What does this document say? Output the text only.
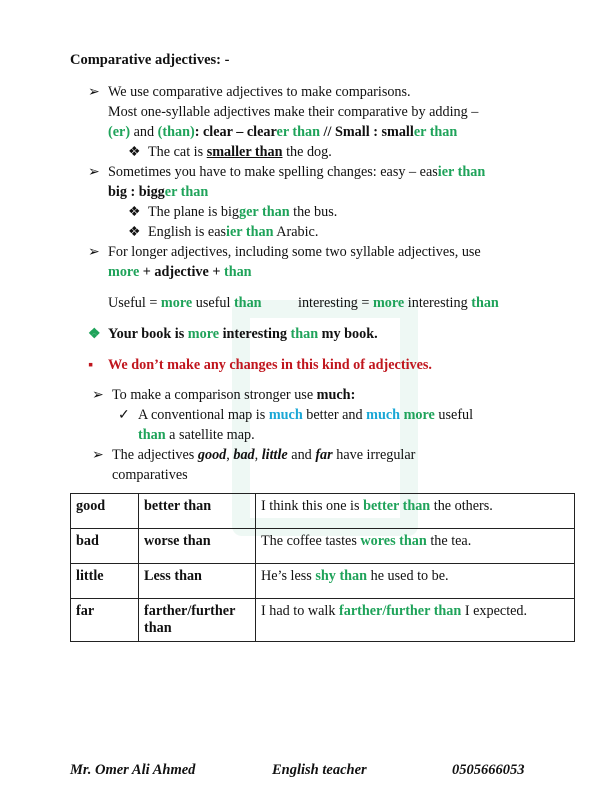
Comparative adjectives: -
➢ We use comparative adjectives to make comparisons.
Most one-syllable adjectives make their comparative by adding –
(er) and (than): clear – clearer than // Small : smaller than
❖ The cat is smaller than the dog.
➢ Sometimes you have to make spelling changes: easy – easier than
big : bigger than
❖ The plane is bigger than the bus.
❖ English is easier than Arabic.
➢ For longer adjectives, including some two syllable adjectives, use
more + adjective + than
Useful = more useful than	interesting = more interesting than
❖ Your book is more interesting than my book.
▪ We don’t make any changes in this kind of adjectives.
➢ To make a comparison stronger use much:
✓ A conventional map is much better and much more useful
than a satellite map.
➢ The adjectives good, bad, little and far have irregular
comparatives
good	better than	I think this one is better than the others.
bad	worse than	The coffee tastes wores than the tea.
little	Less than	He’s less shy than he used to be.
far	farther/further than	I had to walk farther/further than I expected.
Mr. Omer Ali Ahmed	English teacher	0505666053
